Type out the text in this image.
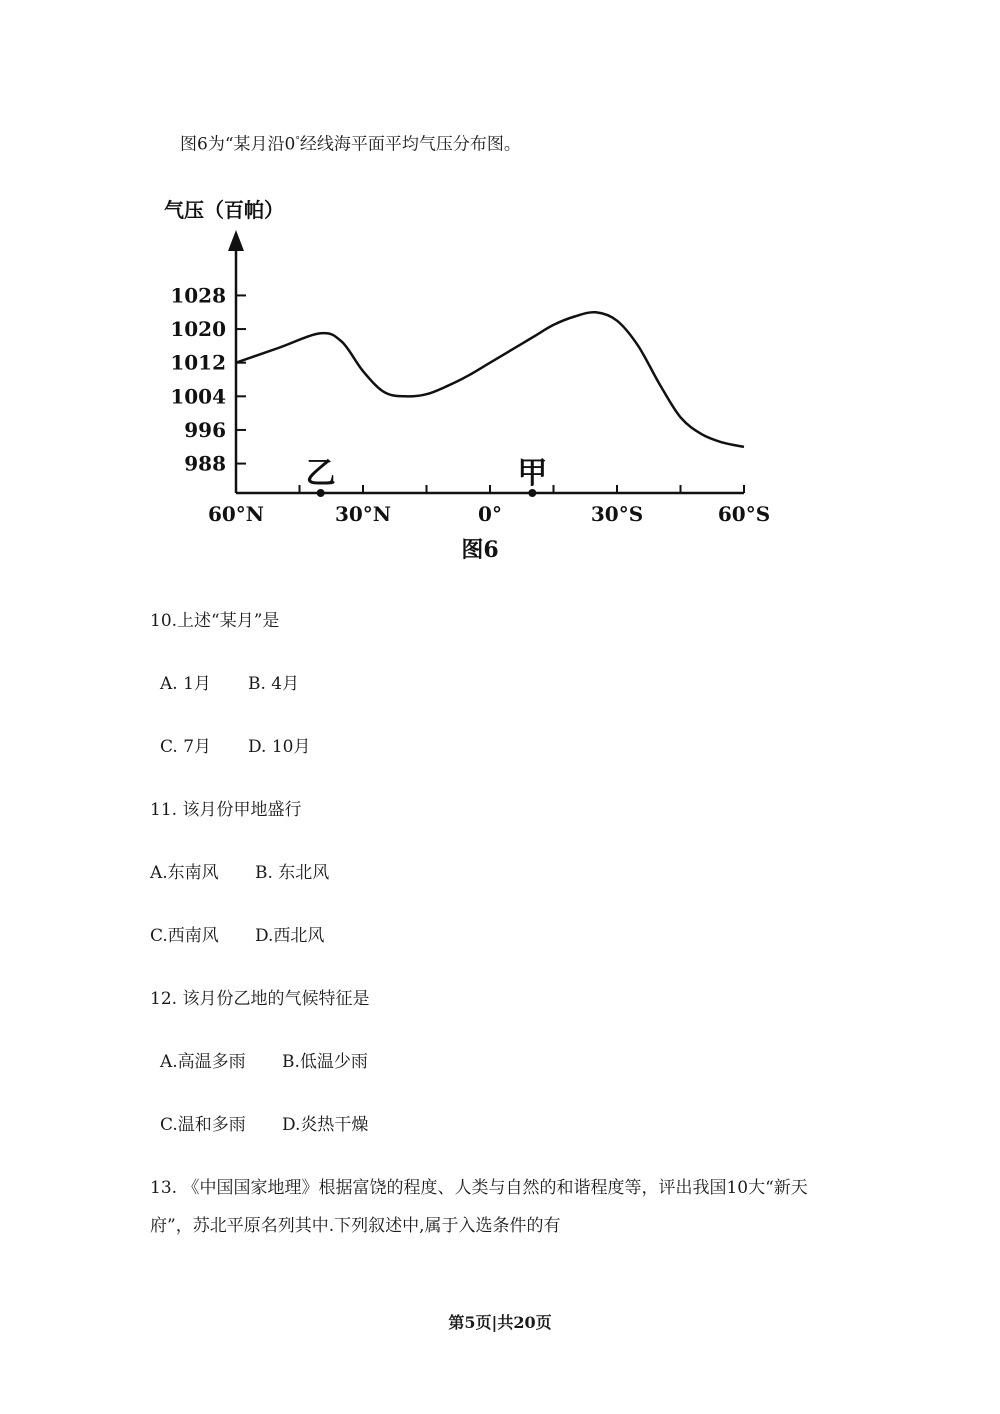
图6为“某月沿0°经线海平面平均气压分布图。
气压（百帕）
1028
1020
1012
1004
996
988
60°N	30°N	0°	30°S	60°S
乙	甲
图6
10.上述“某月”是
A. 1月 B. 4月
C. 7月 D. 10月
11. 该月份甲地盛行
A.东南风 B. 东北风
C.西南风 D.西北风
12. 该月份乙地的气候特征是
A.高温多雨 B.低温少雨
C.温和多雨 D.炎热干燥
13. 《中国国家地理》根据富饶的程度、人类与自然的和谐程度等，评出我国10大“新天
府”，苏北平原名列其中.下列叙述中,属于入选条件的有
第5页|共20页
